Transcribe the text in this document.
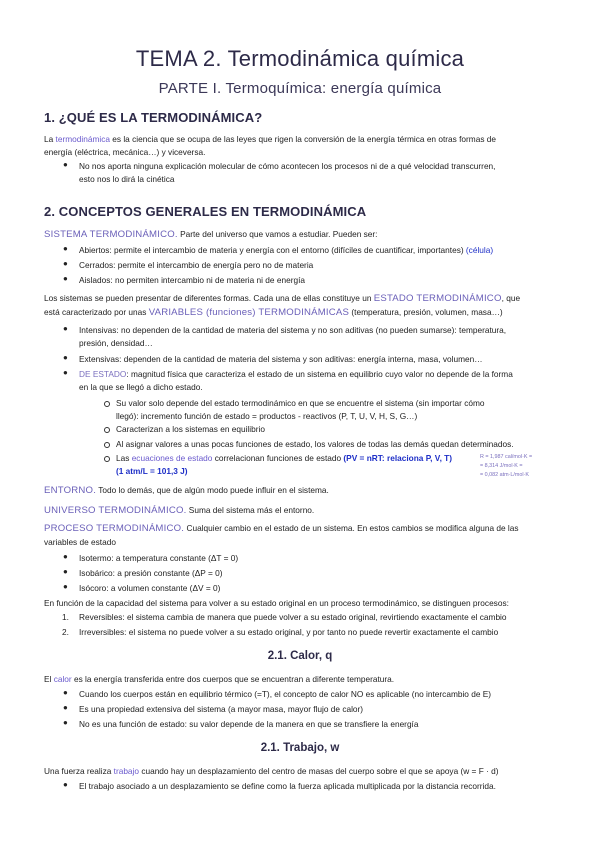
TEMA 2. Termodinámica química
PARTE I. Termoquímica: energía química
1. ¿QUÉ ES LA TERMODINÁMICA?
La termodinámica es la ciencia que se ocupa de las leyes que rigen la conversión de la energía térmica en otras formas de
energía (eléctrica, mecánica…) y viceversa.
● No nos aporta ninguna explicación molecular de cómo acontecen los procesos ni de a qué velocidad transcurren,
esto nos lo dirá la cinética
2. CONCEPTOS GENERALES EN TERMODINÁMICA
SISTEMA TERMODINÁMICO. Parte del universo que vamos a estudiar. Pueden ser:
● Abiertos: permite el intercambio de materia y energía con el entorno (difíciles de cuantificar, importantes) (célula)
● Cerrados: permite el intercambio de energía pero no de materia
● Aislados: no permiten intercambio ni de materia ni de energía
Los sistemas se pueden presentar de diferentes formas. Cada una de ellas constituye un ESTADO TERMODINÁMICO, que
está caracterizado por unas VARIABLES (funciones) TERMODINÁMICAS (temperatura, presión, volumen, masa…)
● Intensivas: no dependen de la cantidad de materia del sistema y no son aditivas (no pueden sumarse): temperatura,
presión, densidad…
● Extensivas: dependen de la cantidad de materia del sistema y son aditivas: energía interna, masa, volumen…
● DE ESTADO: magnitud física que caracteriza el estado de un sistema en equilibrio cuyo valor no depende de la forma
en la que se llegó a dicho estado.
Su valor solo depende del estado termodinámico en que se encuentre el sistema (sin importar cómo
llegó): incremento función de estado = productos - reactivos (P, T, U, V, H, S, G…)
Caracterizan a los sistemas en equilibrio
Al asignar valores a unas pocas funciones de estado, los valores de todas las demás quedan determinados.
Las ecuaciones de estado correlacionan funciones de estado (PV = nRT: relaciona P, V, T)
(1 atm/L = 101,3 J)
R = 1,987 cal/mol·K =
= 8,314 J/mol·K =
= 0,082 atm·L/mol·K
ENTORNO. Todo lo demás, que de algún modo puede influir en el sistema.
UNIVERSO TERMODINÁMICO. Suma del sistema más el entorno.
PROCESO TERMODINÁMICO. Cualquier cambio en el estado de un sistema. En estos cambios se modifica alguna de las
variables de estado
● Isotermo: a temperatura constante (ΔT = 0)
● Isobárico: a presión constante (ΔP = 0)
● Isócoro: a volumen constante (ΔV = 0)
En función de la capacidad del sistema para volver a su estado original en un proceso termodinámico, se distinguen procesos:
1. Reversibles: el sistema cambia de manera que puede volver a su estado original, revirtiendo exactamente el cambio
2. Irreversibles: el sistema no puede volver a su estado original, y por tanto no puede revertir exactamente el cambio
2.1. Calor, q
El calor es la energía transferida entre dos cuerpos que se encuentran a diferente temperatura.
● Cuando los cuerpos están en equilibrio térmico (=T), el concepto de calor NO es aplicable (no intercambio de E)
● Es una propiedad extensiva del sistema (a mayor masa, mayor flujo de calor)
● No es una función de estado: su valor depende de la manera en que se transfiere la energía
2.1. Trabajo, w
Una fuerza realiza trabajo cuando hay un desplazamiento del centro de masas del cuerpo sobre el que se apoya (w = F · d)
● El trabajo asociado a un desplazamiento se define como la fuerza aplicada multiplicada por la distancia recorrida.
